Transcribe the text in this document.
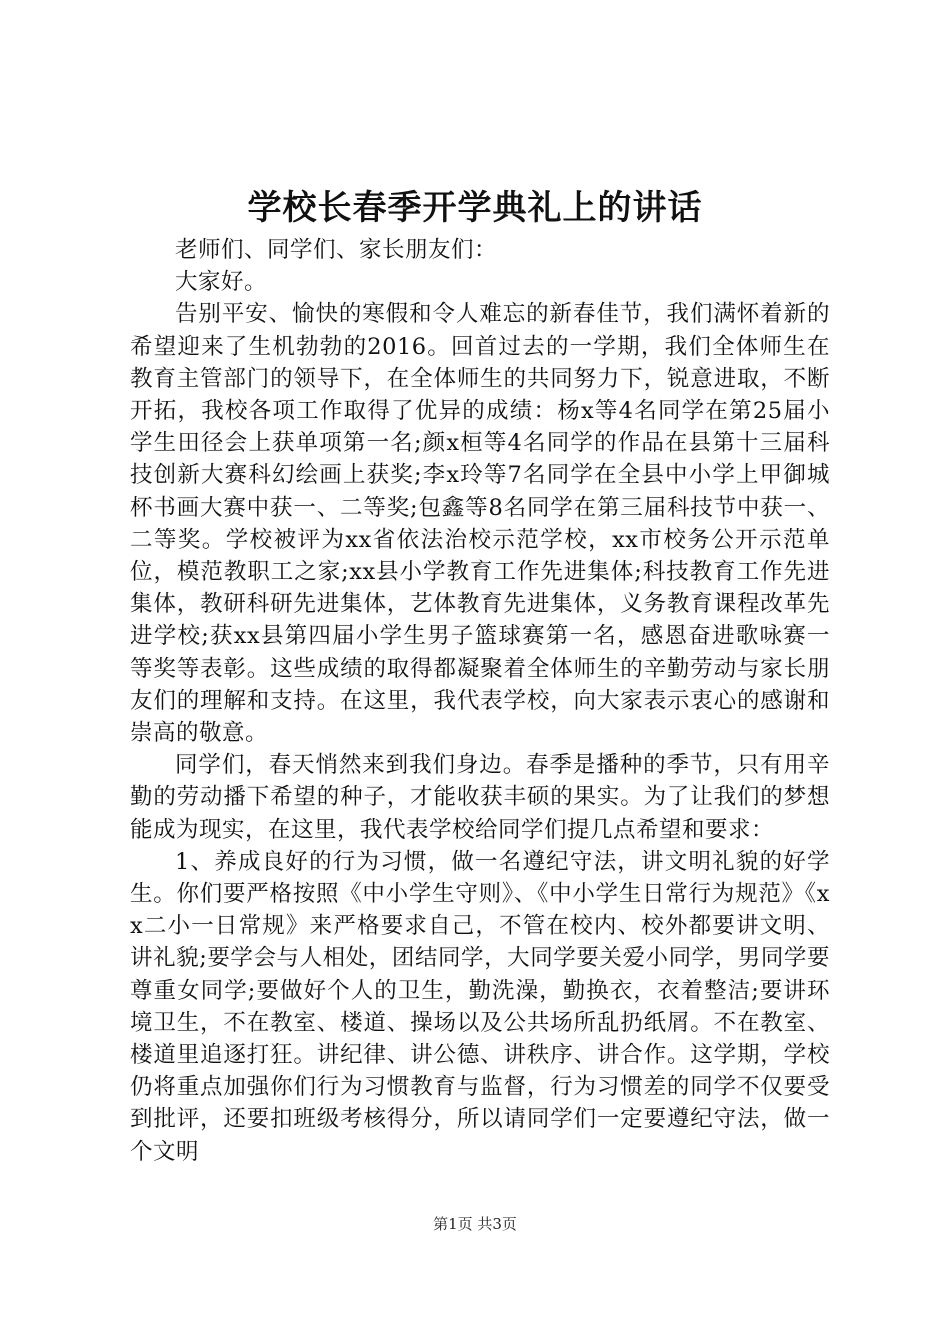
学校长春季开学典礼上的讲话

老师们、同学们、家长朋友们：

大家好。

告别平安、愉快的寒假和令人难忘的新春佳节，我们满怀着新的希望迎来了生机勃勃的2016。回首过去的一学期，我们全体师生在教育主管部门的领导下，在全体师生的共同努力下，锐意进取，不断开拓，我校各项工作取得了优异的成绩：杨x等4名同学在第25届小学生田径会上获单项第一名;颜x桓等4名同学的作品在县第十三届科技创新大赛科幻绘画上获奖;李x玲等7名同学在全县中小学上甲御城杯书画大赛中获一、二等奖;包鑫等8名同学在第三届科技节中获一、二等奖。学校被评为xx省依法治校示范学校，xx市校务公开示范单位，模范教职工之家;xx县小学教育工作先进集体;科技教育工作先进集体，教研科研先进集体，艺体教育先进集体，义务教育课程改革先进学校;获xx县第四届小学生男子篮球赛第一名，感恩奋进歌咏赛一等奖等表彰。这些成绩的取得都凝聚着全体师生的辛勤劳动与家长朋友们的理解和支持。在这里，我代表学校，向大家表示衷心的感谢和崇高的敬意。

同学们，春天悄然来到我们身边。春季是播种的季节，只有用辛勤的劳动播下希望的种子，才能收获丰硕的果实。为了让我们的梦想能成为现实，在这里，我代表学校给同学们提几点希望和要求：

1、养成良好的行为习惯，做一名遵纪守法，讲文明礼貌的好学生。你们要严格按照《中小学生守则》、《中小学生日常行为规范》《xx二小一日常规》来严格要求自己，不管在校内、校外都要讲文明、讲礼貌;要学会与人相处，团结同学，大同学要关爱小同学，男同学要尊重女同学;要做好个人的卫生，勤洗澡，勤换衣，衣着整洁;要讲环境卫生，不在教室、楼道、操场以及公共场所乱扔纸屑。不在教室、楼道里追逐打狂。讲纪律、讲公德、讲秩序、讲合作。这学期，学校仍将重点加强你们行为习惯教育与监督，行为习惯差的同学不仅要受到批评，还要扣班级考核得分，所以请同学们一定要遵纪守法，做一个文明

第1页 共3页
